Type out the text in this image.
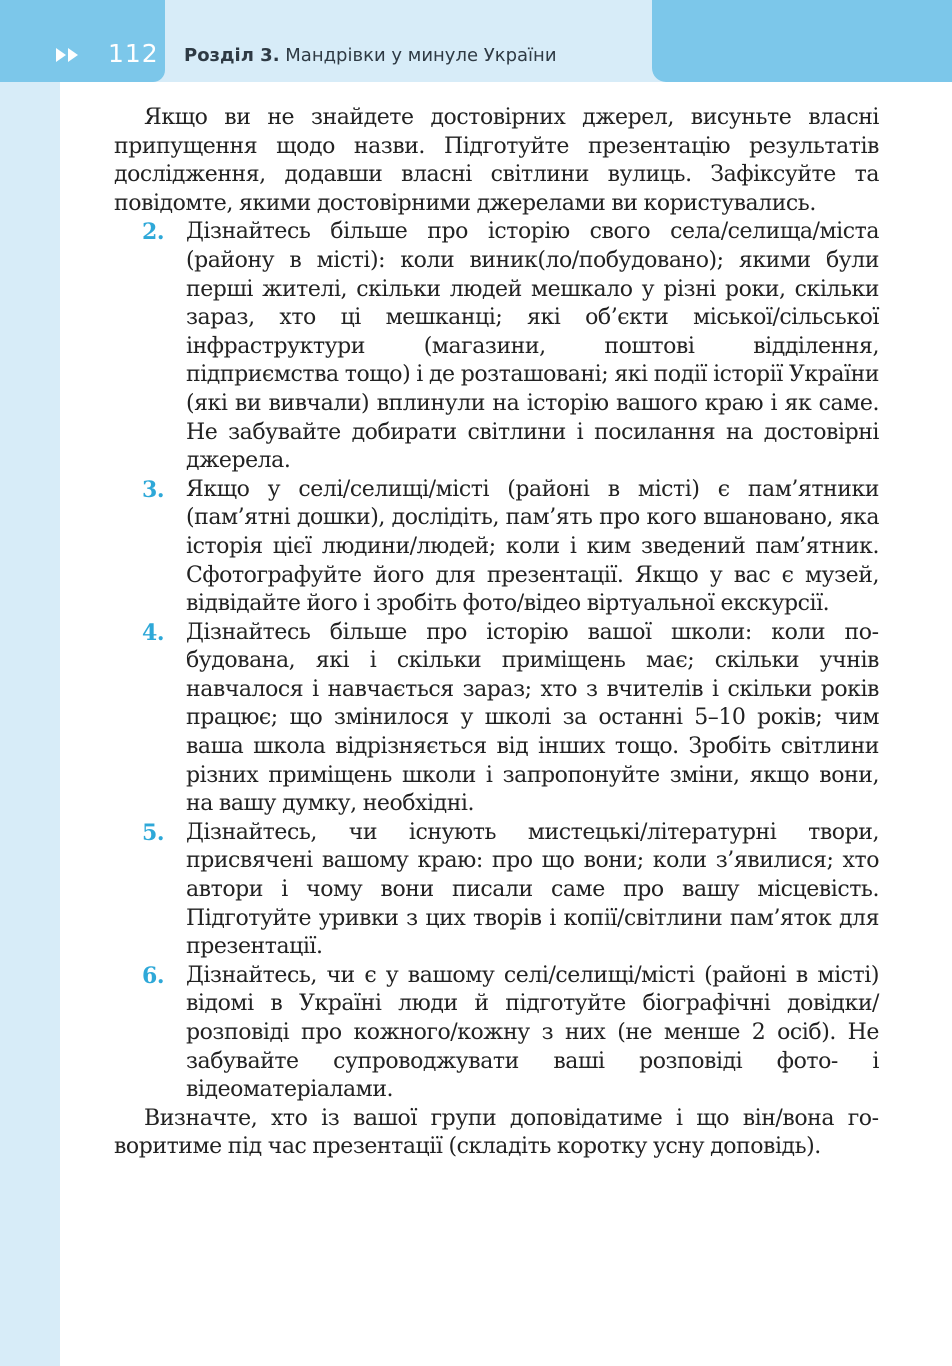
112 Розділ 3. Мандрівки у минуле України

Якщо ви не знайдете достовірних джерел, висуньте власні припущення щодо назви. Підготуйте презентацію результатів дослідження, додавши власні світлини вулиць. Зафіксуйте та повідомте, якими достовірними джерелами ви користувались.

2. Дізнайтесь більше про історію свого села/селища/міста (району в місті): коли виник(ло/побудовано); якими були перші жителі, скільки людей мешкало у різні роки, скільки зараз, хто ці мешканці; які об’єкти міської/сільської інфраструктури (магазини, поштові відділення, підприємства тощо) і де розташовані; які події історії України (які ви вивчали) вплинули на історію вашого краю і як саме. Не забувайте добирати світлини і посилання на достовірні джерела.
3. Якщо у селі/селищі/місті (районі в місті) є пам’ятники (пам’ятні дошки), дослідіть, пам’ять про кого вшановано, яка історія цієї людини/людей; коли і ким зведений пам’ятник. Сфотографуйте його для презентації. Якщо у вас є музей, відвідайте його і зробіть фото/відео віртуальної екскурсії.
4. Дізнайтесь більше про історію вашої школи: коли побудована, які і скільки приміщень має; скільки учнів навчалося і навчається зараз; хто з вчителів і скільки років працює; що змінилося у школі за останні 5–10 років; чим ваша школа відрізняється від інших тощо. Зробіть світлини різних приміщень школи і запропонуйте зміни, якщо вони, на вашу думку, необхідні.
5. Дізнайтесь, чи існують мистецькі/літературні твори, присвячені вашому краю: про що вони; коли з’явилися; хто автори і чому вони писали саме про вашу місцевість. Підготуйте уривки з цих творів і копії/світлини пам’яток для презентації.
6. Дізнайтесь, чи є у вашому селі/селищі/місті (районі в місті) відомі в Україні люди й підготуйте біографічні довідки/розповіді про кожного/кожну з них (не менше 2 осіб). Не забувайте супроводжувати ваші розповіді фото- і відеоматеріалами.

Визначте, хто із вашої групи доповідатиме і що він/вона говоритиме під час презентації (складіть коротку усну доповідь).
